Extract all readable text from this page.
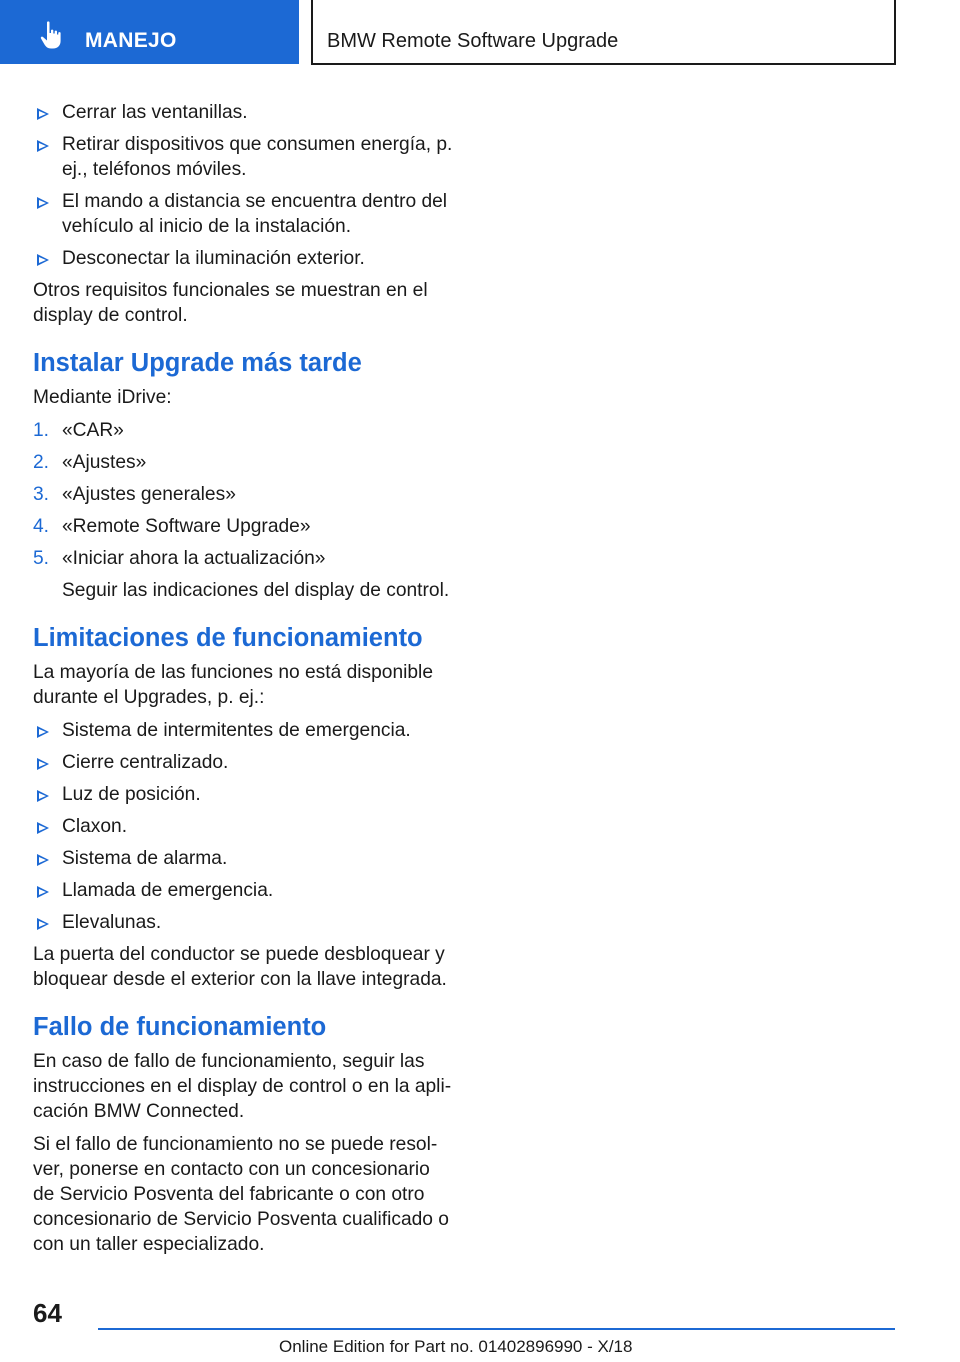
MANEJO	BMW Remote Software Upgrade
Cerrar las ventanillas.
Retirar dispositivos que consumen energía, p. ej., teléfonos móviles.
El mando a distancia se encuentra dentro del vehículo al inicio de la instalación.
Desconectar la iluminación exterior.

Otros requisitos funcionales se muestran en el display de control.

Instalar Upgrade más tarde

Mediante iDrive:

1. «CAR»
2. «Ajustes»
3. «Ajustes generales»
4. «Remote Software Upgrade»
5. «Iniciar ahora la actualización»

Seguir las indicaciones del display de control.

Limitaciones de funcionamiento

La mayoría de las funciones no está disponible durante el Upgrades, p. ej.:

Sistema de intermitentes de emergencia.
Cierre centralizado.
Luz de posición.
Claxon.
Sistema de alarma.
Llamada de emergencia.
Elevalunas.

La puerta del conductor se puede desbloquear y bloquear desde el exterior con la llave integrada.

Fallo de funcionamiento

En caso de fallo de funcionamiento, seguir las instrucciones en el display de control o en la aplicación BMW Connected.

Si el fallo de funcionamiento no se puede resolver, ponerse en contacto con un concesionario de Servicio Posventa del fabricante o con otro concesionario de Servicio Posventa cualificado o con un taller especializado.

64
Online Edition for Part no. 01402896990 - X/18
